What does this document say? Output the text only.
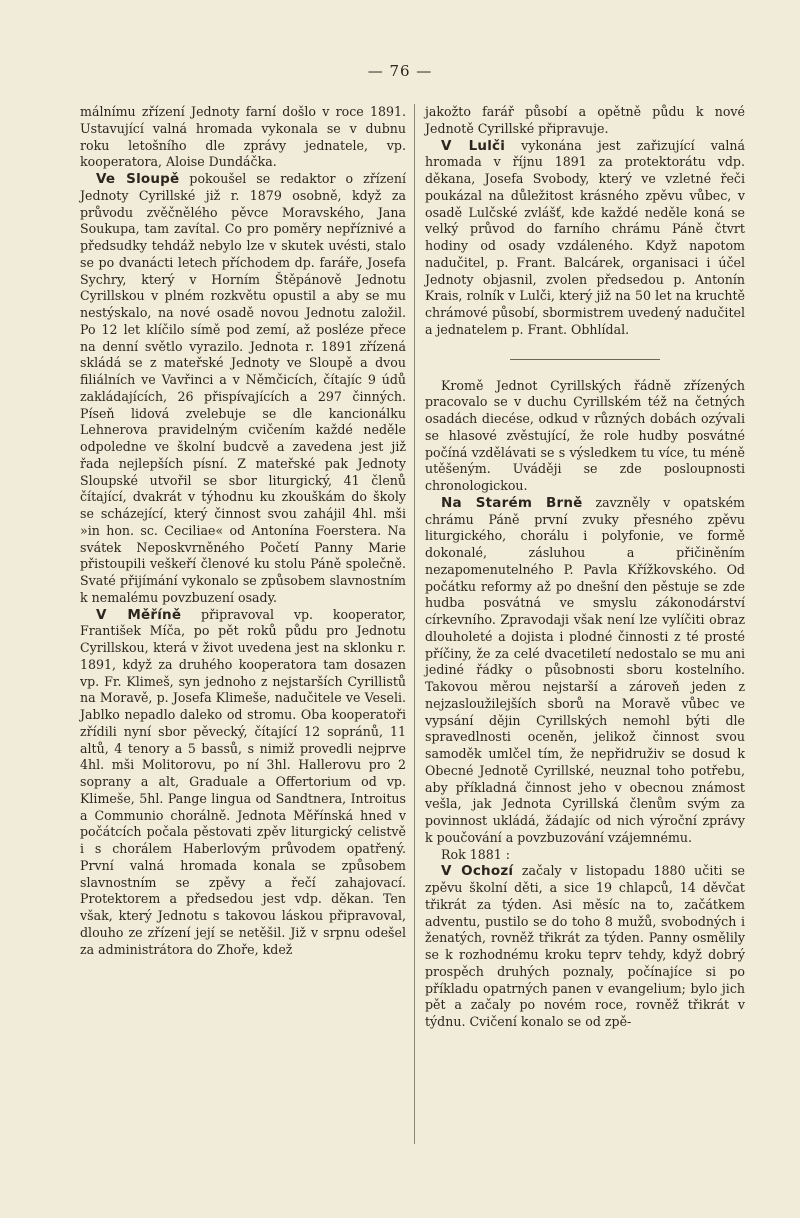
— 76 —

málnímu zřízení Jednoty farní došlo v roce 1891. Ustavující valná hromada vykonala se v dubnu roku letošního dle zprávy jednatele, vp. kooperatora, Aloise Dundáčka.

Ve Sloupě pokoušel se redaktor o zřízení Jednoty Cyrillské již r. 1879 osobně, když za průvodu zvěčnělého pěvce Moravského, Jana Soukupa, tam zavítal. Co pro poměry nepříznivé a předsudky tehdáž nebylo lze v skutek uvésti, stalo se po dvanácti letech příchodem dp. faráře, Josefa Sychry, který v Horním Štěpánově Jednotu Cyrillskou v plném rozkvětu opustil a aby se mu nestýskalo, na nové osadě novou Jednotu založil. Po 12 let klíčilo símě pod zemí, až posléze přece na denní světlo vyrazilo. Jednota r. 1891 zřízená skládá se z mateřské Jednoty ve Sloupě a dvou filiálních ve Vavřinci a v Němčicích, čítajíc 9 údů zakládajících, 26 přispívajících a 297 činných. Píseň lidová zvelebuje se dle kancionálku Lehnerova pravidelným cvičením každé neděle odpoledne ve školní budcvě a zavedena jest již řada nejlepších písní. Z mateřské pak Jednoty Sloupské utvořil se sbor liturgický, 41 členů čítající, dvakrát v týhodnu ku zkouškám do školy se scházející, který činnost svou zahájil 4hl. mši »in hon. sc. Ceciliae« od Antonína Foerstera. Na svátek Neposkvrněného Početí Panny Marie přistoupili veškeří členové ku stolu Páně společně. Svaté přijímání vykonalo se způsobem slavnostním k nemalému povzbuzení osady.

V Měříně připravoval vp. kooperator, František Míča, po pět roků půdu pro Jednotu Cyrillskou, která v život uvedena jest na sklonku r. 1891, když za druhého kooperatora tam dosazen vp. Fr. Klimeš, syn jednoho z nejstarších Cyrillistů na Moravě, p. Josefa Klimeše, nadučitele ve Veseli. Jablko nepadlo daleko od stromu. Oba kooperatoři zřídili nyní sbor pěvecký, čítající 12 sopránů, 11 altů, 4 tenory a 5 bassů, s nimiž provedli nejprve 4hl. mši Molitorovu, po ní 3hl. Hallerovu pro 2 soprany a alt, Graduale a Offertorium od vp. Klimeše, 5hl. Pange lingua od Sandtnera, Introitus a Communio chorálně. Jednota Měřínská hned v počátcích počala pěstovati zpěv liturgický celistvě i s chorálem Haberlovým průvodem opatřený. První valná hromada konala se způsobem slavnostním se zpěvy a řečí zahajovací. Protektorem a předsedou jest vdp. děkan. Ten však, který Jednotu s takovou láskou připravoval, dlouho ze zřízení její se netěšil. Již v srpnu odešel za administrátora do Zhoře, kdež

jakožto farář působí a opětně půdu k nové Jednotě Cyrillské připravuje.

V Lulči vykonána jest zařizující valná hromada v říjnu 1891 za protektorátu vdp. děkana, Josefa Svobody, který ve vzletné řeči poukázal na důležitost krásného zpěvu vůbec, v osadě Lulčské zvlášť, kde každé neděle koná se velký průvod do farního chrámu Páně čtvrt hodiny od osady vzdáleného. Když napotom nadučitel, p. Frant. Balcárek, organisaci i účel Jednoty objasnil, zvolen předsedou p. Antonín Krais, rolník v Lulči, který již na 50 let na kruchtě chrámové působí, sbormistrem uvedený nadučitel a jednatelem p. Frant. Obhlídal.

Kromě Jednot Cyrillských řádně zřízených pracovalo se v duchu Cyrillském též na četných osadách diecése, odkud v různých dobách ozývali se hlasové zvěstující, že role hudby posvátné počíná vzdělávati se s výsledkem tu více, tu méně utěšeným. Uváději se zde posloupnosti chronologickou.

Na Starém Brně zavzněly v opatském chrámu Páně první zvuky přesného zpěvu liturgického, chorálu i polyfonie, ve formě dokonalé, zásluhou a přičiněním nezapomenutelného P. Pavla Křížkovského. Od počátku reformy až po dnešní den pěstuje se zde hudba posvátná ve smyslu zákonodárství církevního. Zpravodaji však není lze vylíčiti obraz dlouholeté a dojista i plodné činnosti z té prosté příčiny, že za celé dvacetiletí nedostalo se mu ani jediné řádky o působnosti sboru kostelního. Takovou měrou nejstarší a zároveň jeden z nejzasloužilejších sborů na Moravě vůbec ve vypsání dějin Cyrillských nemohl býti dle spravedlnosti oceněn, jelikož činnost svou samoděk umlčel tím, že nepřidruživ se dosud k Obecné Jednotě Cyrillské, neuznal toho potřebu, aby příkladná činnost jeho v obecnou známost vešla, jak Jednota Cyrillská členům svým za povinnost ukládá, žádajíc od nich výroční zprávy k poučování a povzbuzování vzájemnému.

Rok 1881 :

V Ochozí začaly v listopadu 1880 učiti se zpěvu školní děti, a sice 19 chlapců, 14 děvčat třikrát za týden. Asi měsíc na to, začátkem adventu, pustilo se do toho 8 mužů, svobodných i ženatých, rovněž třikrát za týden. Panny osmělily se k rozhodnému kroku teprv tehdy, když dobrý prospěch druhých poznaly, počínajíce si po příkladu opatrných panen v evangelium; bylo jich pět a začaly po novém roce, rovněž třikrát v týdnu. Cvičení konalo se od zpě-
